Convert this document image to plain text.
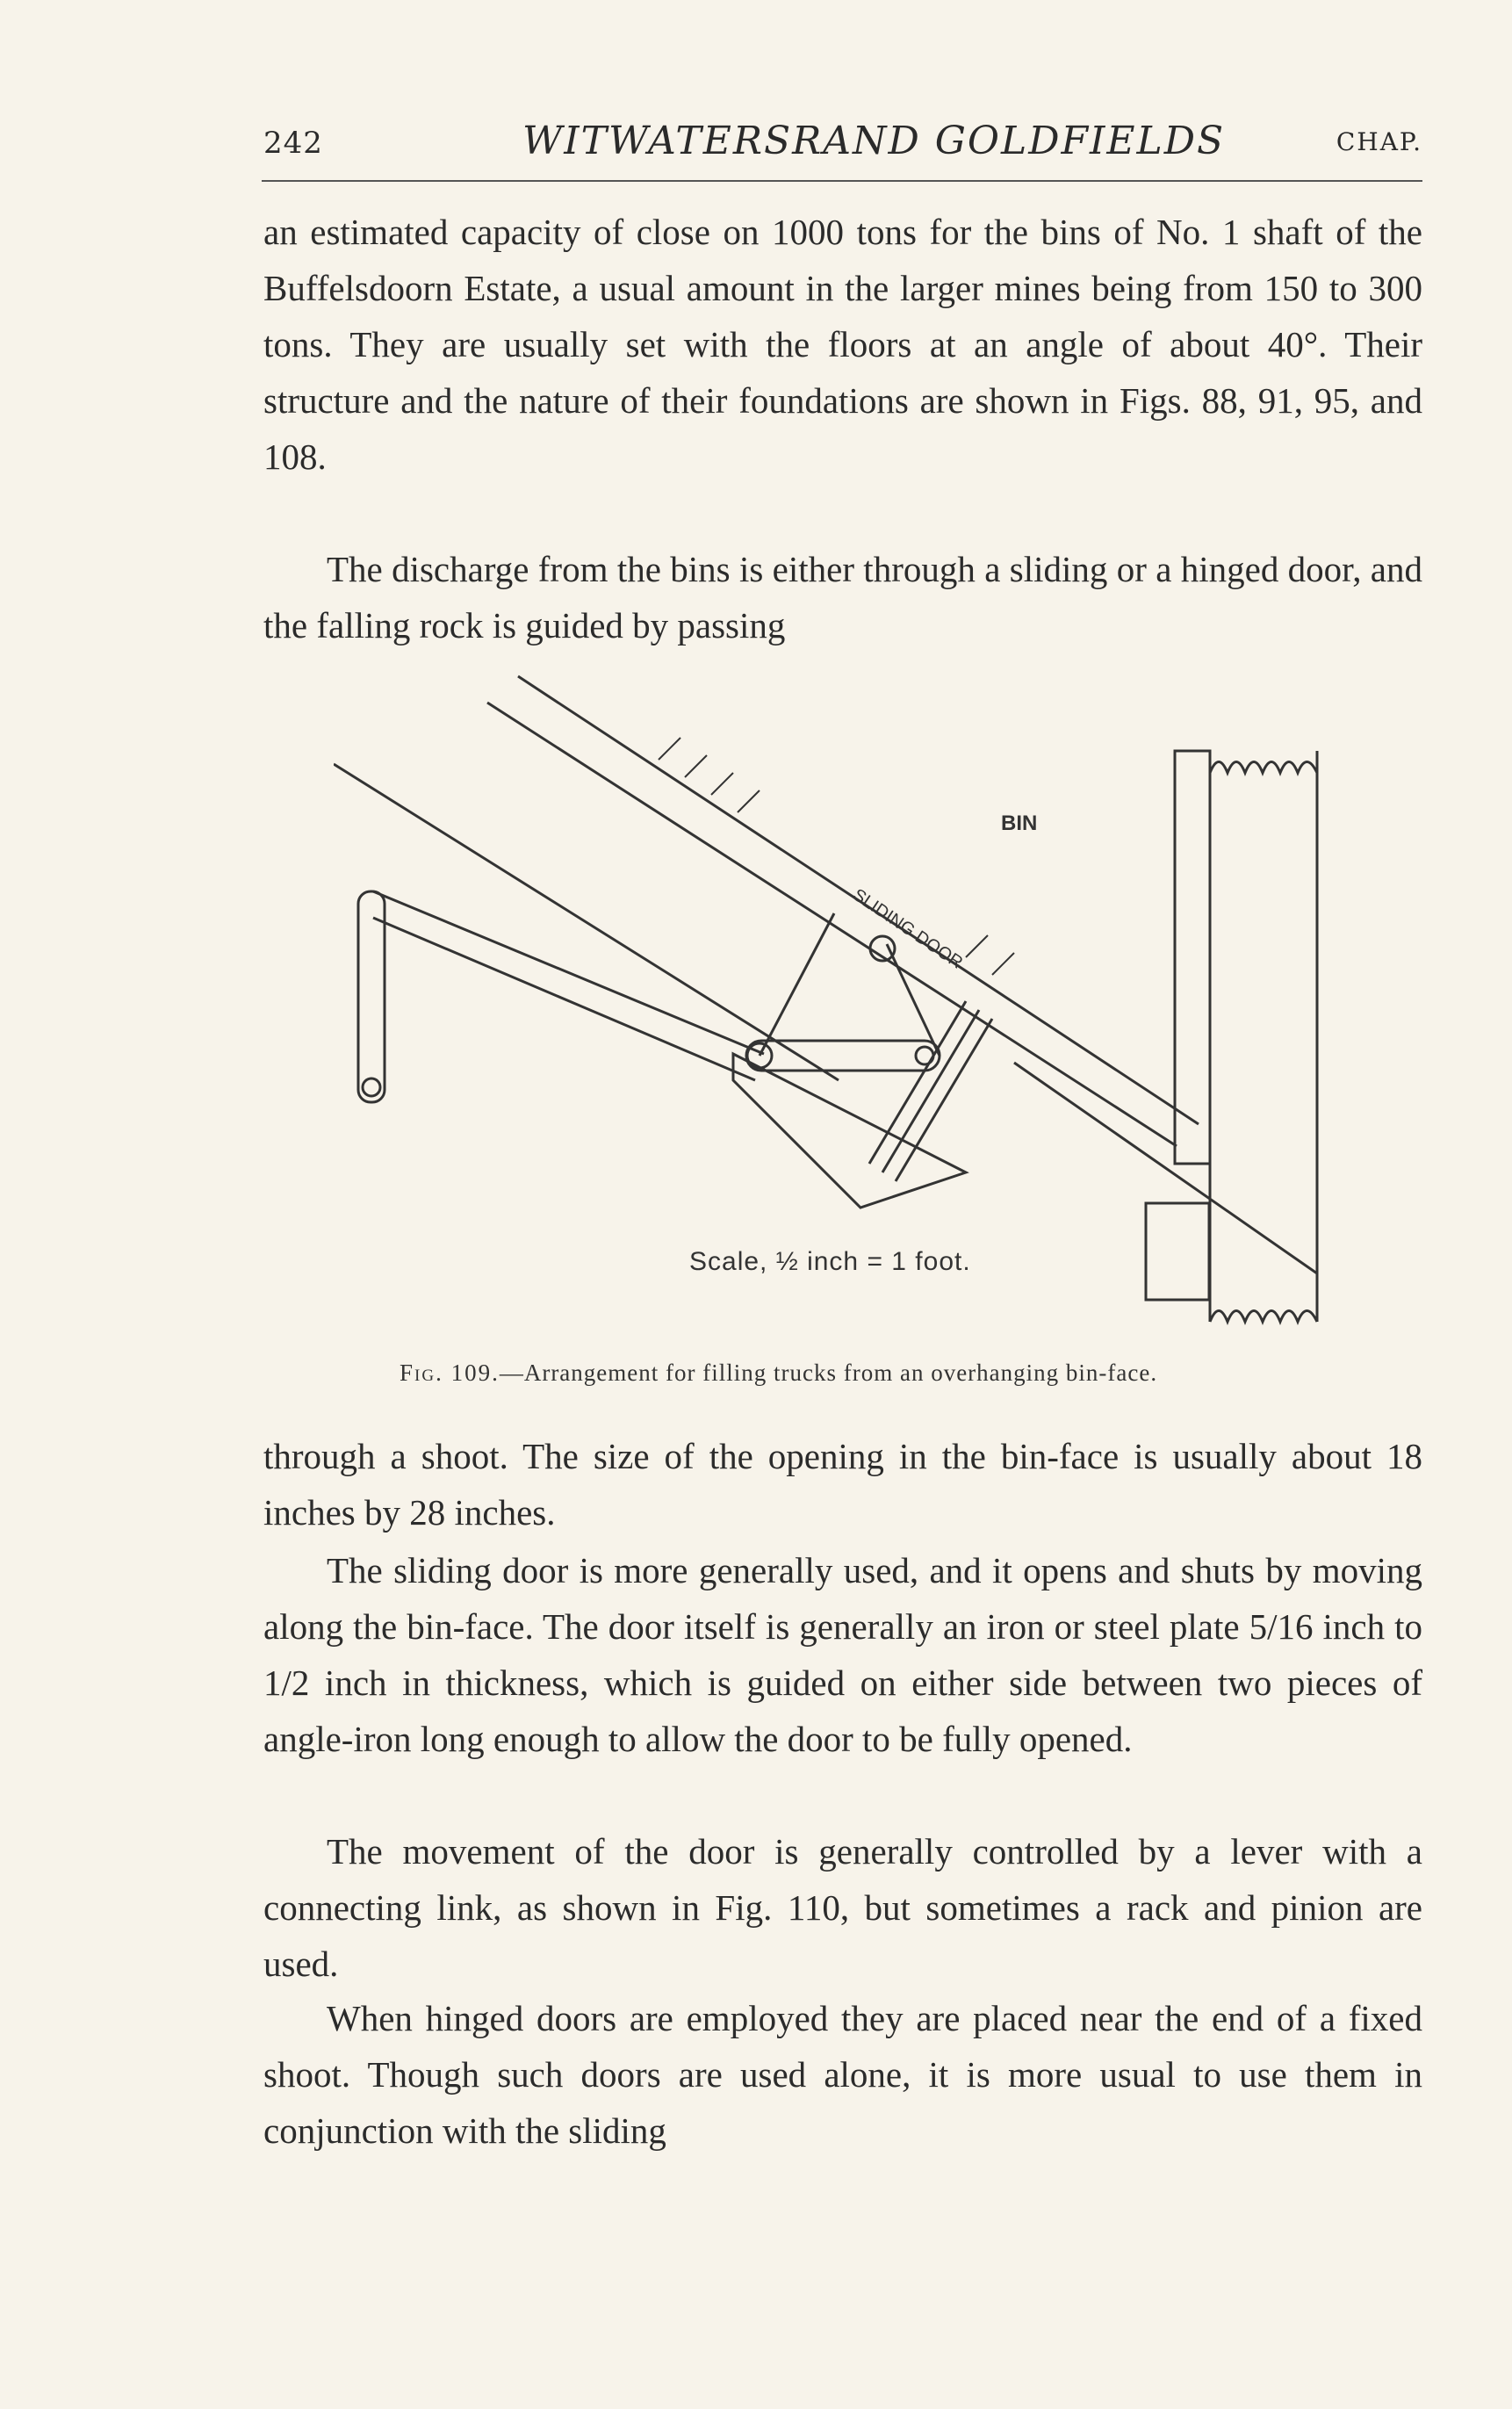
242	WITWATERSRAND GOLDFIELDS	CHAP.
an estimated capacity of close on 1000 tons for the bins of No. 1 shaft of the Buffelsdoorn Estate, a usual amount in the larger mines being from 150 to 300 tons. They are usually set with the floors at an angle of about 40°. Their structure and the nature of their foundations are shown in Figs. 88, 91, 95, and 108.
The discharge from the bins is either through a sliding or a hinged door, and the falling rock is guided by passing
BIN
SLIDING DOOR
Scale, ½ inch = 1 foot.
Fig. 109.—Arrangement for filling trucks from an overhanging bin-face.
through a shoot. The size of the opening in the bin-face is usually about 18 inches by 28 inches.
The sliding door is more generally used, and it opens and shuts by moving along the bin-face. The door itself is generally an iron or steel plate 5/16 inch to 1/2 inch in thickness, which is guided on either side between two pieces of angle-iron long enough to allow the door to be fully opened.
The movement of the door is generally controlled by a lever with a connecting link, as shown in Fig. 110, but sometimes a rack and pinion are used.
When hinged doors are employed they are placed near the end of a fixed shoot. Though such doors are used alone, it is more usual to use them in conjunction with the sliding
